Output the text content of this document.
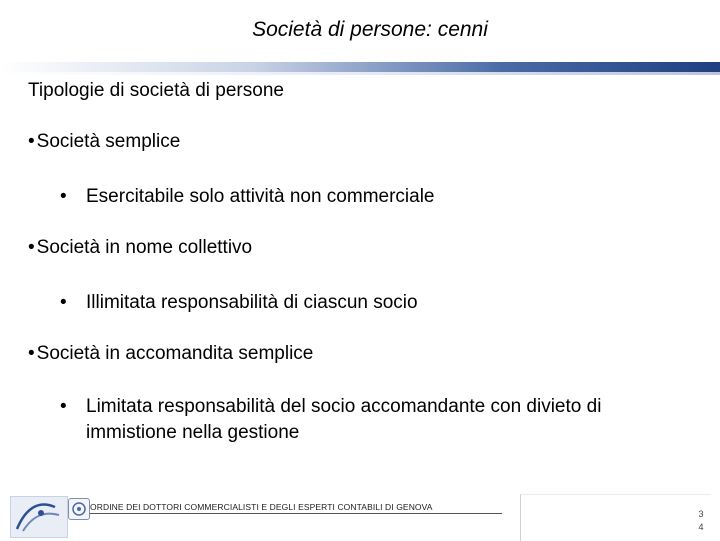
Società di persone: cenni
Tipologie di società di persone
• Società semplice
• Esercitabile solo attività non commerciale
• Società in nome collettivo
• Illimitata responsabilità di ciascun socio
• Società in accomandita semplice
• Limitata responsabilità del socio accomandante con divieto di immistione nella gestione
ORDINE DEI DOTTORI COMMERCIALISTI E DEGLI ESPERTI CONTABILI DI GENOVA
3
4
